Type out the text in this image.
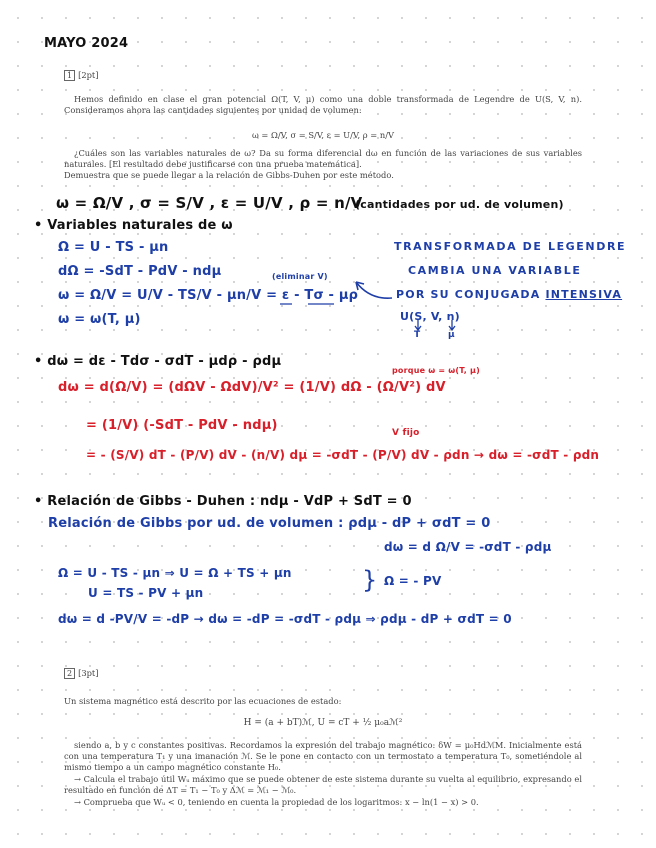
MAYO 2024
1 [2pt]
Hemos definido en clase el gran potencial Ω(T, V, μ) como una doble transformada de Legendre de U(S, V, n). Consideramos ahora las cantidades siguientes por unidad de volumen:
ω = Ω/V, σ = S/V, ε = U/V, ρ = n/V
¿Cuáles son las variables naturales de ω? Da su forma diferencial dω en función de las variaciones de sus variables naturales. [El resultado debe justificarse con una prueba matemática].
Demuestra que se puede llegar a la relación de Gibbs-Duhen por este método.
ω = Ω/V , σ = S/V , ε = U/V , ρ = n/V
(cantidades por ud. de volumen)
• Variables naturales de ω
Ω = U - TS - μn
dΩ = -SdT - PdV - ndμ	(eliminar V)
ω = Ω/V = U/V - TS/V - μn/V = ε - Tσ - μρ
ω = ω(T, μ)
TRANSFORMADA DE LEGENDRE
CAMBIA UNA VARIABLE
POR SU CONJUGADA INTENSIVA
U(S, V, n)
T	μ
• dω = dε - Tdσ - σdT - μdρ - ρdμ
porque ω = ω(T, μ)
dω = d(Ω/V) = (dΩV - ΩdV)/V² = (1/V) dΩ - (Ω/V²) dV
= (1/V) (-SdT - PdV - ndμ)	V fijo
= - (S/V) dT - (P/V) dV - (n/V) dμ = -σdT - (P/V) dV - ρdn → dω = -σdT - ρdn
• Relación de Gibbs - Duhen : ndμ - VdP + SdT = 0
Relación de Gibbs por ud. de volumen : ρdμ - dP + σdT = 0
dω = d Ω/V = -σdT - ρdμ
Ω = U - TS - μn ⇒ U = Ω + TS + μn
U = TS - PV + μn	} Ω = - PV
dω = d -PV/V = -dP → dω = -dP = -σdT - ρdμ ⇒ ρdμ - dP + σdT = 0
2 [3pt]
Un sistema magnético está descrito por las ecuaciones de estado:
H = (a + bT)ℳ, U = cT + ½ μ₀aℳ²
siendo a, b y c constantes positivas. Recordamos la expresión del trabajo magnético: δW = μ₀HdℳM. Inicialmente está con una temperatura T₁ y una imanación ℳ. Se le pone en contacto con un termostato a temperatura T₀, sometiéndole al mismo tiempo a un campo magnético constante H₀.
→ Calcula el trabajo útil Wᵤ máximo que se puede obtener de este sistema durante su vuelta al equilibrio, expresando el resultado en función de ΔT = T₁ − T₀ y Δℳ = ℳ₁ − ℳ₀.
→ Comprueba que Wᵤ < 0, teniendo en cuenta la propiedad de los logaritmos: x − ln(1 − x) > 0.
